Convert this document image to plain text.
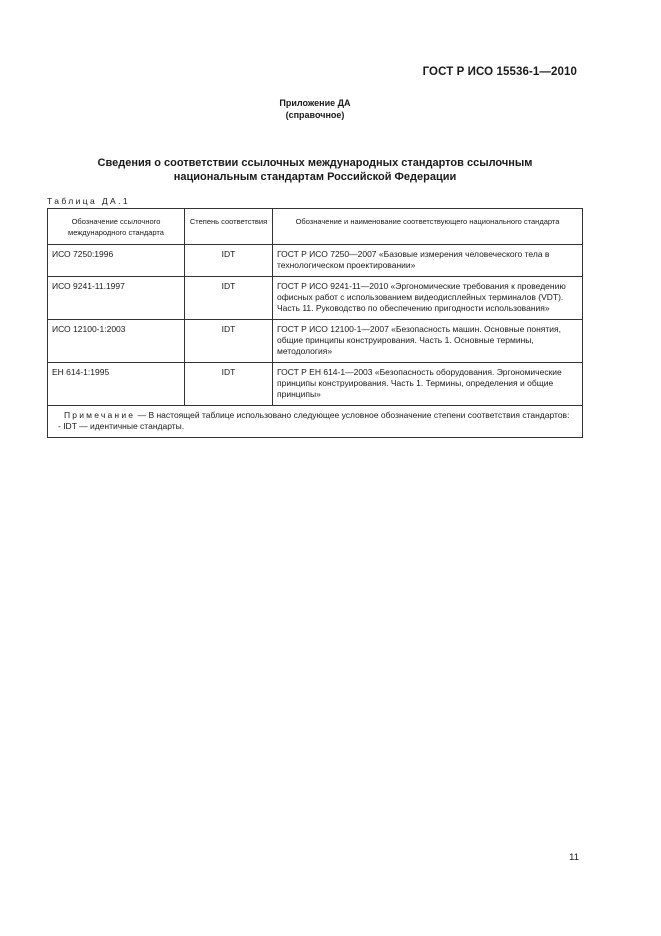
ГОСТ Р ИСО 15536-1—2010
Приложение ДА
(справочное)
Сведения о соответствии ссылочных международных стандартов ссылочным
национальным стандартам Российской Федерации
Таблица ДА.1
Обозначение ссылочного международного стандарта	Степень соответствия	Обозначение и наименование соответствующего национального стандарта
ИСО 7250:1996	IDT	ГОСТ Р ИСО 7250—2007 «Базовые измерения человеческого тела в технологическом проектировании»
ИСО 9241-11.1997	IDT	ГОСТ Р ИСО 9241-11—2010 «Эргономические требования к проведению офисных работ с использованием видеодисплейных терминалов (VDT). Часть 11. Руководство по обеспечению пригодности использования»
ИСО 12100-1:2003	IDT	ГОСТ Р ИСО 12100-1—2007 «Безопасность машин. Основные понятия, общие принципы конструирования. Часть 1. Основные термины, методология»
ЕН 614-1:1995	IDT	ГОСТ Р ЕН 614-1—2003 «Безопасность оборудования. Эргономические принципы конструирования. Часть 1. Термины, определения и общие принципы»

Примечание — В настоящей таблице использовано следующее условное обозначение степени соответствия стандартов:
- IDT — идентичные стандарты.		
11
